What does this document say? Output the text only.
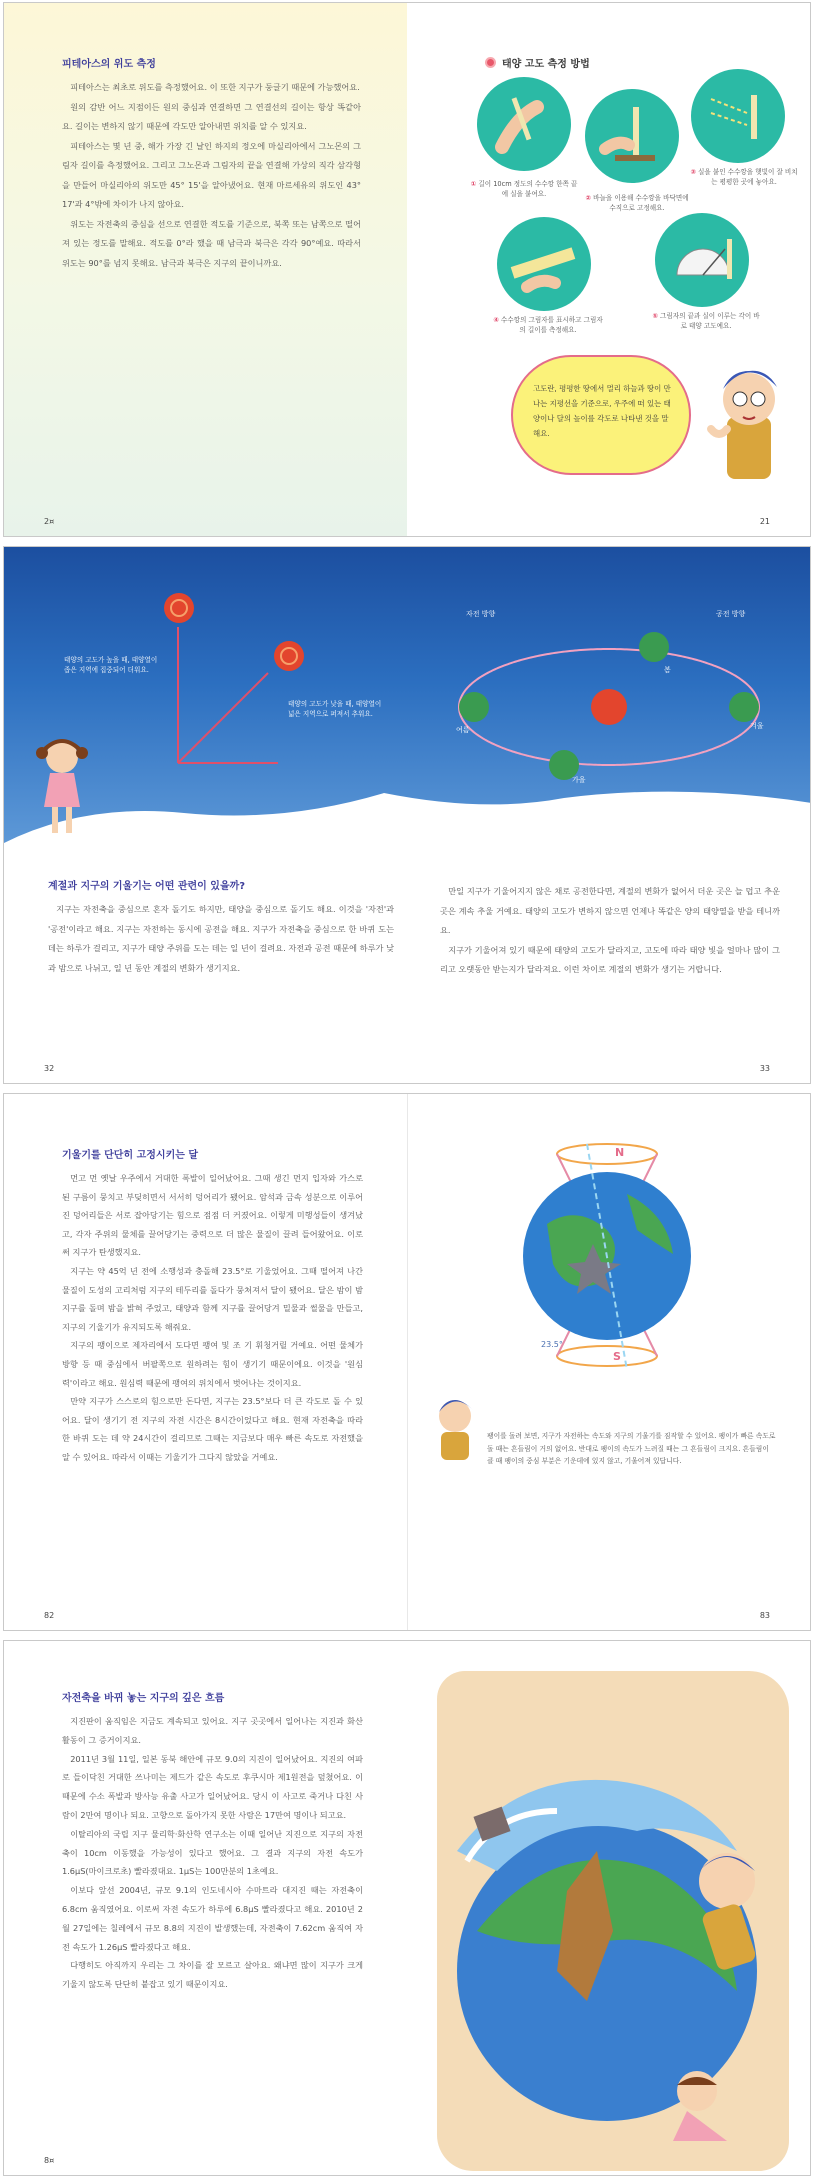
피테아스의 위도 측정

피테아스는 최초로 위도를 측정했어요. 이 또한 지구가 둥글기 때문에 가능했어요.

원의 감반 어느 지점이든 원의 중심과 연결하면 그 연결선의 길이는 항상 똑같아요. 길이는 변하지 않기 때문에 각도만 알아내면 위치를 알 수 있지요.

피테아스는 몇 년 중, 해가 가장 긴 날인 하지의 정오에 마실리아에서 그노몬의 그림자 길이를 측정했어요. 그리고 그노몬과 그림자의 끝을 연결해 가상의 직각 삼각형을 만들어 마실리아의 위도만 45° 15'을 알아냈어요. 현재 마르세유의 위도인 43° 17'과 4°밖에 차이가 나지 않아요.

위도는 자전축의 중심을 선으로 연결한 적도를 기준으로, 북쪽 또는 남쪽으로 떨어져 있는 정도를 말해요. 적도를 0°라 했을 때 남극과 북극은 각각 90°예요. 따라서 위도는 90°를 넘지 못해요. 남극과 북극은 지구의 끝이니까요.

2¤
태양 고도 측정 방법
① 길이 10cm 정도의 수수깡 한쪽 끝에 실을 붙여요.	② 바늘을 이용해 수수깡을 바닥면에 수직으로 고정해요.
③ 실을 붙인 수수깡을 햇빛이 잘 비치는 평평한 곳에 놓아요.
④ 수수깡의 그림자를 표시하고 그림자의 길이를 측정해요.
⑤ 그림자의 끝과 실이 이루는 각이 바로 태양 고도예요.
고도란, 평평한 땅에서 멀리 하늘과 땅이 만나는 지평선을 기준으로, 우주에 떠 있는 태양이나 달의 높이를 각도로 나타낸 것을 말해요.
21
태양의 고도가 높을 때, 태양열이 좁은 지역에 집중되어 더워요.
태양의 고도가 낮을 때, 태양열이 넓은 지역으로 퍼져서 추워요.
자전 방향	공전 방향
봄
여름
가을
겨울
계절과 지구의 기울기는 어떤 관련이 있을까?

지구는 자전축을 중심으로 혼자 돌기도 하지만, 태양을 중심으로 돌기도 해요. 이것을 '자전'과 '공전'이라고 해요. 지구는 자전하는 동시에 공전을 해요. 지구가 자전축을 중심으로 한 바퀴 도는 데는 하루가 걸리고, 지구가 태양 주위를 도는 데는 일 년이 걸려요. 자전과 공전 때문에 하루가 낮과 밤으로 나뉘고, 일 년 동안 계절의 변화가 생기지요.

만일 지구가 기울어지지 않은 채로 공전한다면, 계절의 변화가 없어서 더운 곳은 늘 덥고 추운 곳은 계속 추울 거예요. 태양의 고도가 변하지 않으면 언제나 똑같은 양의 태양열을 받을 테니까요.

지구가 기울어져 있기 때문에 태양의 고도가 달라지고, 고도에 따라 태양 빛을 얼마나 많이 그리고 오랫동안 받는지가 달라져요. 이런 차이로 계절의 변화가 생기는 거랍니다.

32	33
기울기를 단단히 고정시키는 달

먼고 먼 옛날 우주에서 거대한 폭발이 일어났어요. 그때 생긴 먼지 입자와 가스로 된 구름이 뭉치고 부딪히면서 서서히 덩어리가 됐어요. 암석과 금속 성분으로 이루어진 덩어리들은 서로 잡아당기는 힘으로 점점 더 커졌어요. 이렇게 미행성들이 생겨났고, 각자 주위의 물체를 끌어당기는 중력으로 더 많은 물질이 끌려 들어왔어요. 이로써 지구가 탄생했지요.

지구는 약 45억 년 전에 소행성과 충돌해 23.5°로 기울었어요. 그때 떨어져 나간 물질이 도성의 고리처럼 지구의 테두리를 돌다가 뭉쳐져서 달이 됐어요. 달은 밤이 밤 지구를 돌며 밤을 밝혀 주었고, 태양과 함께 지구를 끌어당겨 밀물과 썰물을 만들고, 지구의 기울기가 유지되도록 해줘요.

지구의 팽이으로 제자리에서 도다면 팽여 및 조 기 휘청거릴 거예요. 어떤 물체가 방향 등 때 중심에서 버팔쪽으로 원하려는 힘이 생기기 때문이에요. 이것을 '원심력'이라고 해요. 원심력 때문에 팽여의 위치에서 벗어나는 것이지요.

만약 지구가 스스로의 힘으로만 돈다면, 지구는 23.5°보다 더 큰 각도로 돌 수 있어요. 달이 생기기 전 지구의 자전 시간은 8시간이었다고 해요. 현재 자전축을 따라 한 바퀴 도는 데 약 24시간이 걸리므로 그때는 지금보다 매우 빠른 속도로 자전했을 알 수 있어요. 따라서 이때는 기울기가 그다지 않았을 거예요.

82
N
S
23.5°
팽이를 돌려 보면, 지구가 자전하는 속도와 지구의 기울기를 짐작할 수 있어요. 팽이가 빠른 속도로 돌 때는 흔들림이 거의 없어요. 반대로 팽이의 속도가 느려질 때는 그 흔들림이 크지요. 흔들림이 클 때 팽이의 중심 부분은 기운데에 있지 않고, 기울어져 있답니다.
83
자전축을 바뀌 놓는 지구의 깊은 흐름

지진판이 움직임은 지금도 계속되고 있어요. 지구 곳곳에서 일어나는 지진과 화산 활동이 그 증거이지요.

2011년 3월 11일, 일본 동북 해안에 규모 9.0의 지진이 일어났어요. 지진의 여파로 들이닥친 거대한 쓰나미는 제드가 같은 속도로 후쿠시마 제1원전을 덮쳤어요. 이 때문에 수소 폭발과 방사능 유출 사고가 일어났어요. 당시 이 사고로 죽거나 다친 사람이 2만여 명이나 되요. 고향으로 돌아가지 못한 사람은 17만여 명이나 되고요.

이탈리아의 국립 지구 물리학·화산학 연구소는 이때 일어난 지진으로 지구의 자전축이 10cm 이동했을 가능성이 있다고 했어요. 그 결과 지구의 자전 속도가 1.6μS(마이크로초) 빨라졌대요. 1μS는 100만분의 1초예요.

이보다 앞선 2004년, 규모 9.1의 인도네시아 수마트라 대지진 때는 자전축이 6.8cm 움직였어요. 이로써 자전 속도가 하루에 6.8μS 빨라졌다고 해요. 2010년 2월 27일에는 칠레에서 규모 8.8의 지진이 발생했는데, 자전축이 7.62cm 움직여 자전 속도가 1.26μS 빨라졌다고 해요.

다행히도 아직까지 우리는 그 차이를 잘 모르고 살아요. 왜냐면 많이 지구가 크게 기울지 않도록 단단히 붙잡고 있기 때문이지요.

8¤
